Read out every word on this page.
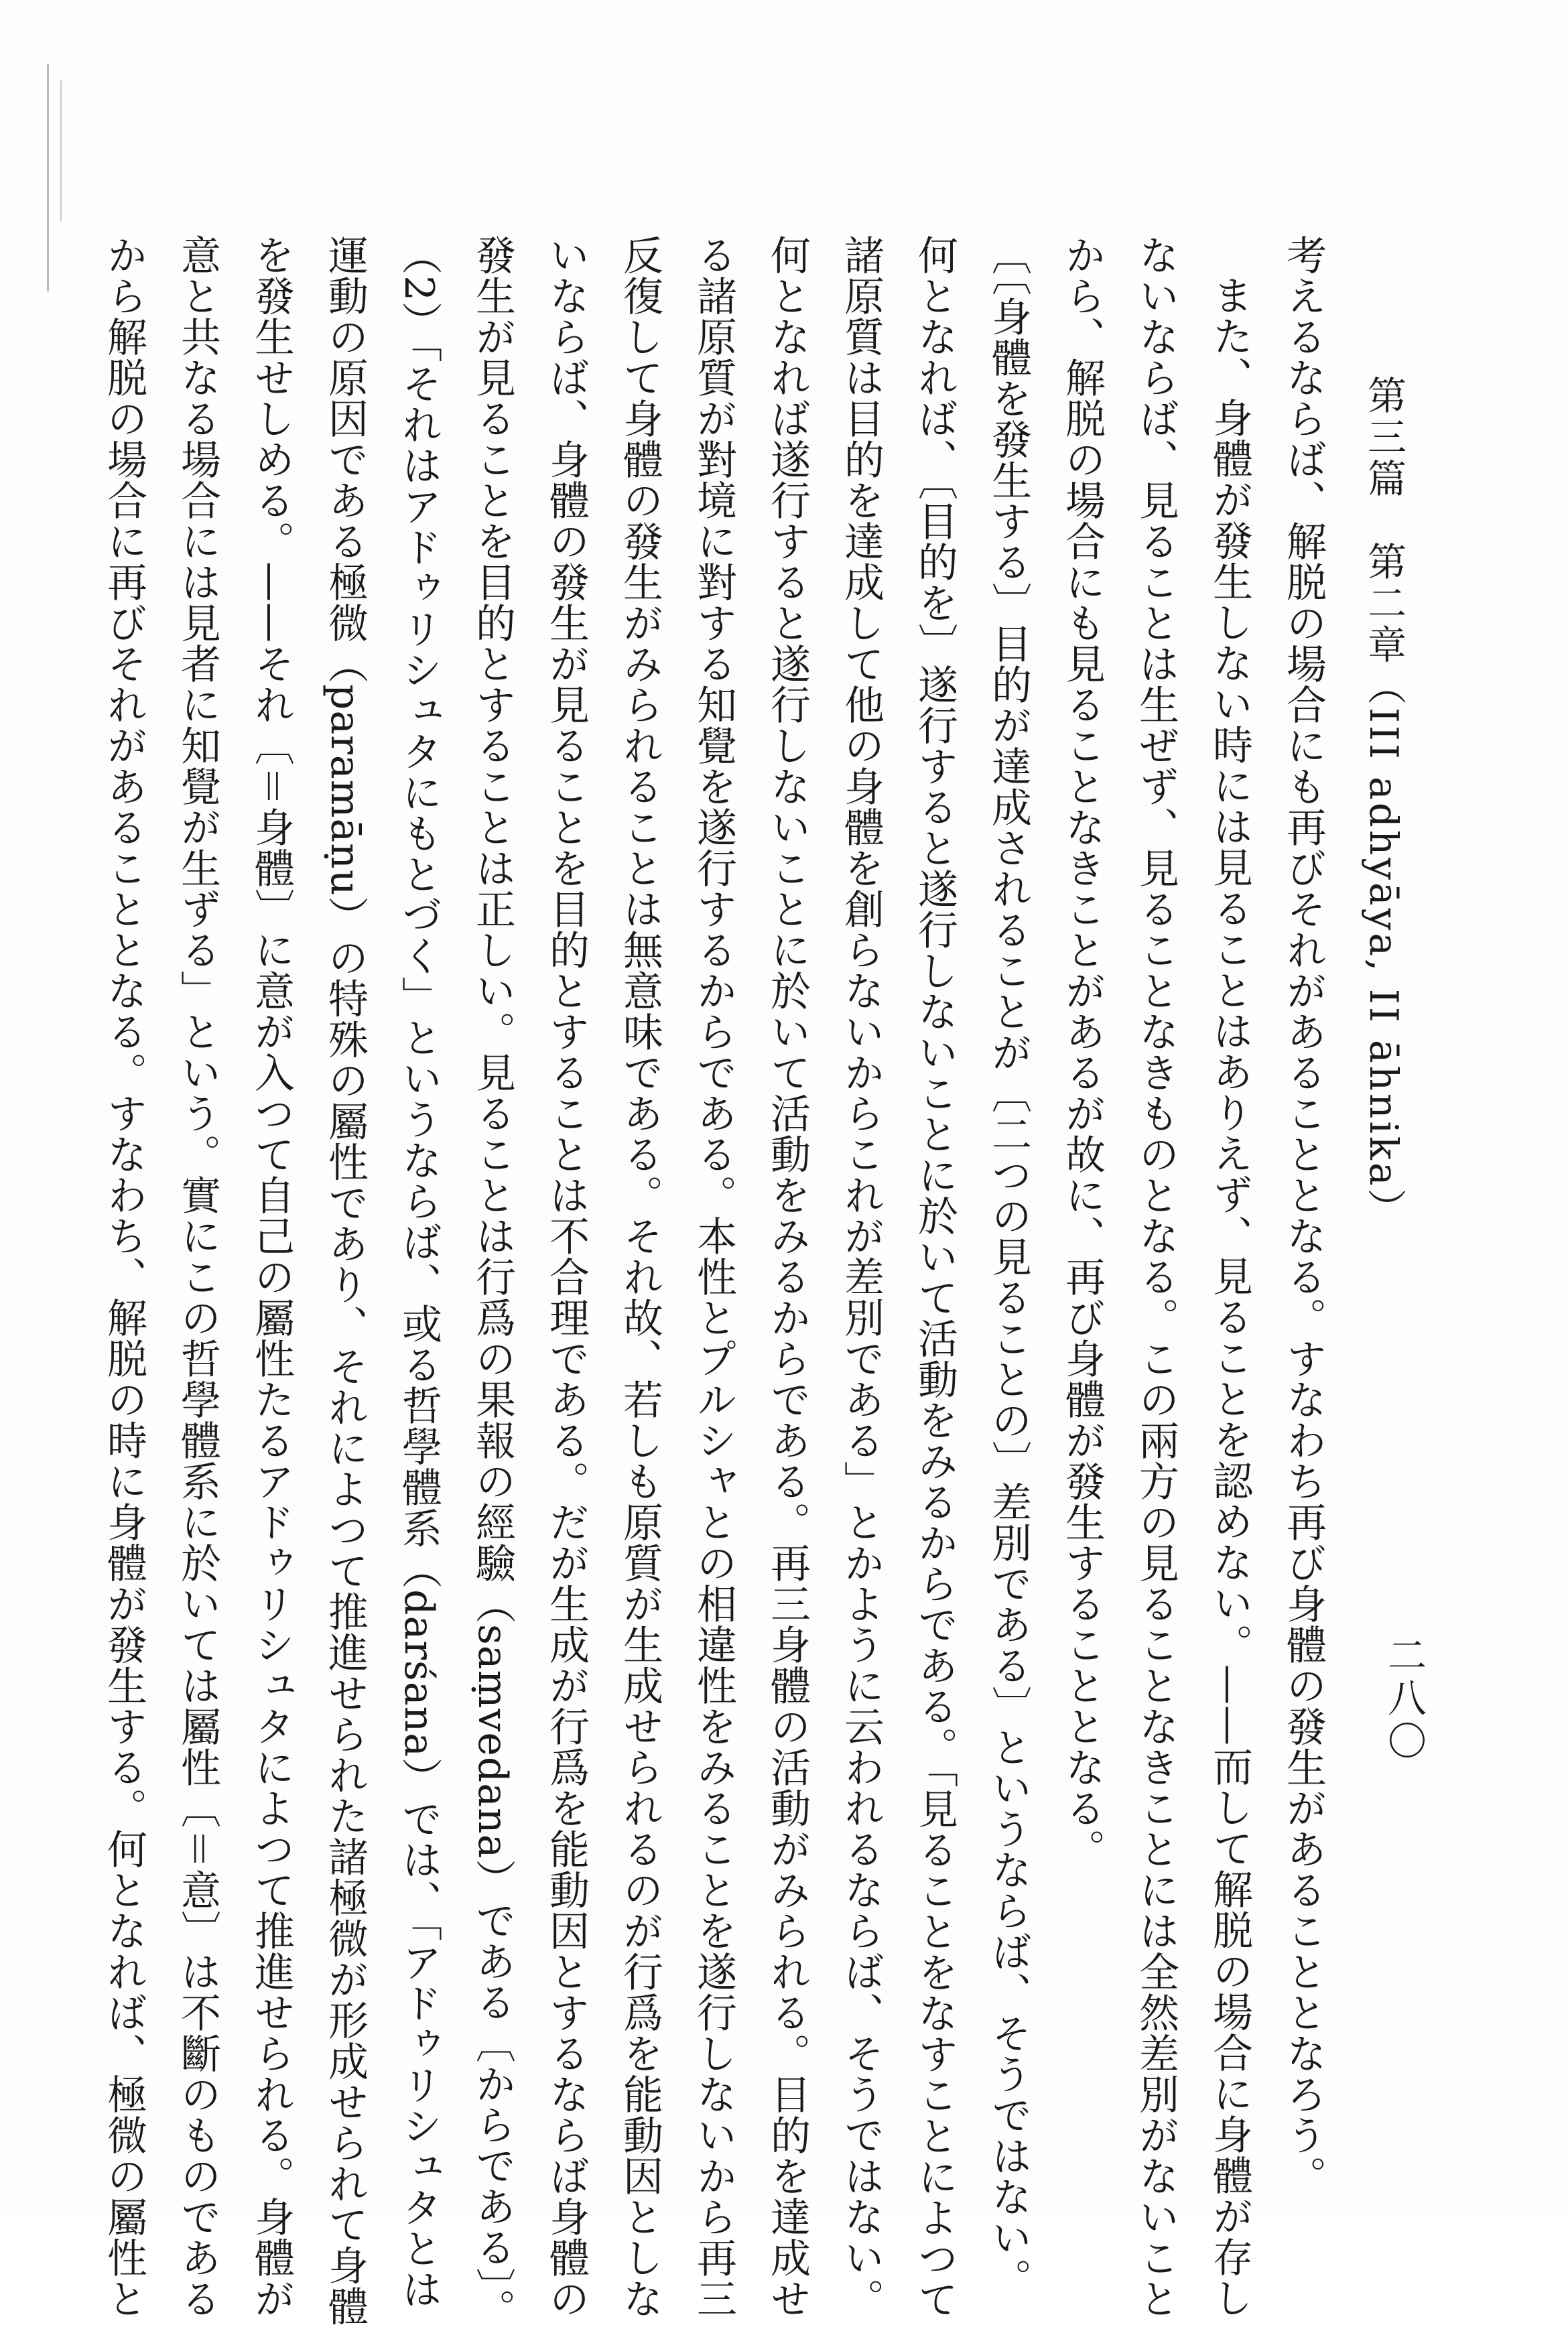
第三篇　第二章（III adhyāya, II āhnika）
二八〇

考えるならば、解脱の場合にも再びそれがあることとなる。すなわち再び身體の發生があることとなろう。

また、身體が發生しない時には見ることはありえず、見ることを認めない。——而して解脱の場合に身體が存し

ないならば、見ることは生ぜず、見ることなきものとなる。この兩方の見ることなきことには全然差別がないこと

から、解脱の場合にも見ることなきことがあるが故に、再び身體が發生することとなる。

〔〔身體を發生する〕目的が達成されることが〔二つの見ることの〕差別である〕というならば、そうではない。

何となれば、〔目的を〕遂行すると遂行しないことに於いて活動をみるからである。「見ることをなすことによつて

諸原質は目的を達成して他の身體を創らないからこれが差別である」とかように云われるならば、そうではない。

何となれば遂行すると遂行しないことに於いて活動をみるからである。再三身體の活動がみられる。目的を達成せ

る諸原質が對境に對する知覺を遂行するからである。本性とプルシャとの相違性をみることを遂行しないから再三

反復して身體の發生がみられることは無意味である。それ故、若しも原質が生成せられるのが行爲を能動因としな

いならば、身體の發生が見ることを目的とすることは不合理である。だが生成が行爲を能動因とするならば身體の

發生が見ることを目的とすることは正しい。見ることは行爲の果報の經驗（saṃvedana）である〔からである〕。

（2）「それはアドゥリシュタにもとづく」というならば、或る哲學體系（darśana）では、「アドゥリシュタとは

運動の原因である極微（paramāṇu）の特殊の屬性であり、それによつて推進せられた諸極微が形成せられて身體

を發生せしめる。——それ〔＝身體〕に意が入つて自己の屬性たるアドゥリシュタによつて推進せられる。身體が

意と共なる場合には見者に知覺が生ずる」という。實にこの哲學體系に於いては屬性〔＝意〕は不斷のものである

から解脱の場合に再びそれがあることとなる。すなわち、解脱の時に身體が發生する。何となれば、極微の屬性と
